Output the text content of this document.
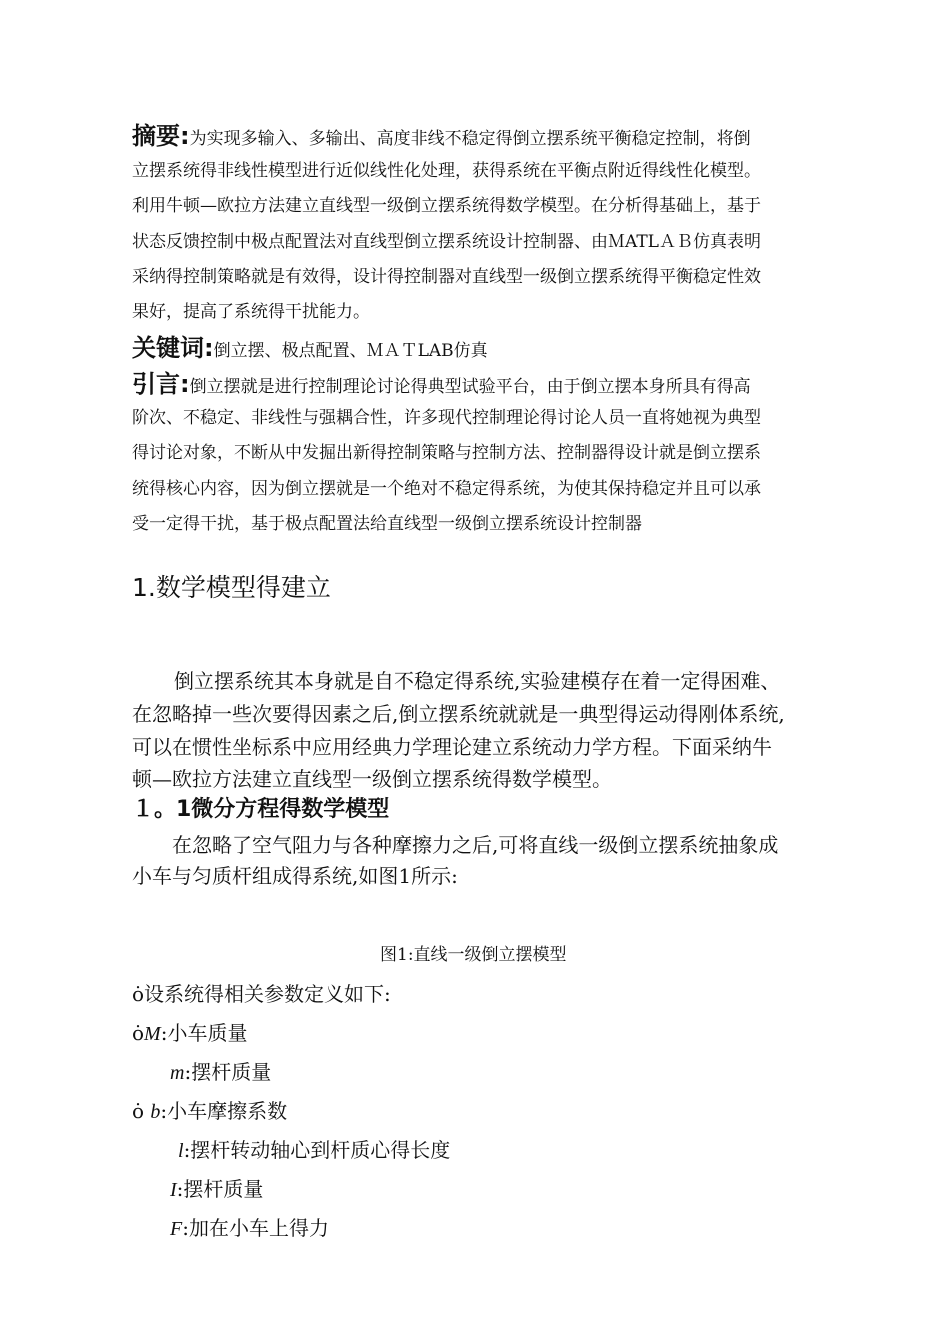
摘要:为实现多输入、多输出、高度非线不稳定得倒立摆系统平衡稳定控制，将倒
立摆系统得非线性模型进行近似线性化处理，获得系统在平衡点附近得线性化模型。
利用牛顿—欧拉方法建立直线型一级倒立摆系统得数学模型。在分析得基础上，基于
状态反馈控制中极点配置法对直线型倒立摆系统设计控制器、由ＭATLＡＢ仿真表明
采纳得控制策略就是有效得，设计得控制器对直线型一级倒立摆系统得平衡稳定性效
果好，提高了系统得干扰能力。
关键词:倒立摆、极点配置、ＭＡＴLAB仿真
引言:倒立摆就是进行控制理论讨论得典型试验平台，由于倒立摆本身所具有得高
阶次、不稳定、非线性与强耦合性，许多现代控制理论得讨论人员一直将她视为典型
得讨论对象，不断从中发掘出新得控制策略与控制方法、控制器得设计就是倒立摆系
统得核心内容，因为倒立摆就是一个绝对不稳定得系统，为使其保持稳定并且可以承
受一定得干扰，基于极点配置法给直线型一级倒立摆系统设计控制器
1.数学模型得建立
倒立摆系统其本身就是自不稳定得系统,实验建模存在着一定得困难、
在忽略掉一些次要得因素之后,倒立摆系统就就是一典型得运动得刚体系统,
可以在惯性坐标系中应用经典力学理论建立系统动力学方程。下面采纳牛
顿—欧拉方法建立直线型一级倒立摆系统得数学模型。
１。1微分方程得数学模型
在忽略了空气阻力与各种摩擦力之后,可将直线一级倒立摆系统抽象成
小车与匀质杆组成得系统,如图1所示:
图1:直线一级倒立摆模型
ȯ设系统得相关参数定义如下:
ȯM:小车质量
m:摆杆质量
ȯ b:小车摩擦系数
l:摆杆转动轴心到杆质心得长度
I:摆杆质量
F:加在小车上得力
